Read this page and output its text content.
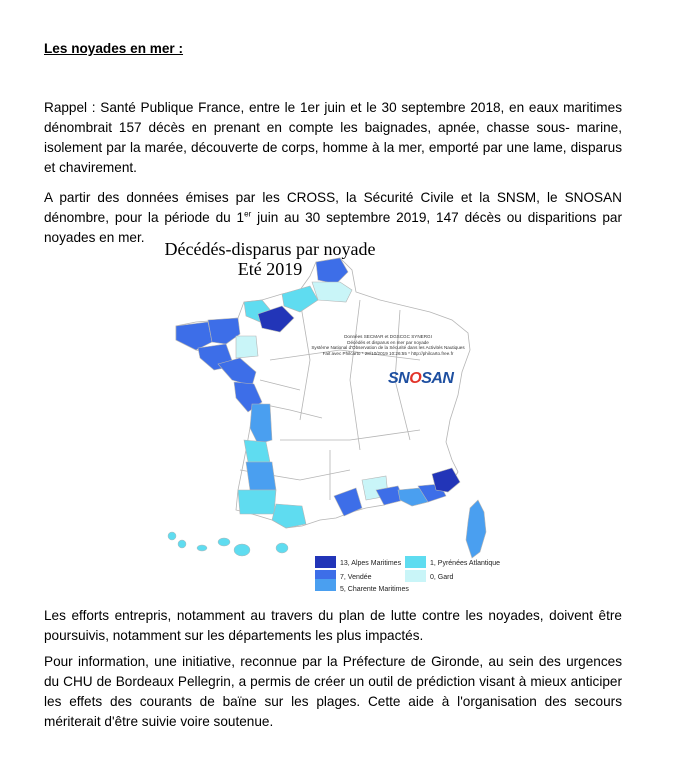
Les noyades en mer :
Rappel : Santé Publique France, entre le 1er juin et le 30 septembre 2018, en eaux maritimes dénombrait 157 décès en prenant en compte les baignades, apnée, chasse sous- marine, isolement par la marée, découverte de corps, homme à la mer, emporté par une lame, disparus et chavirement.
A partir des données émises par les CROSS, la Sécurité Civile et la SNSM, le SNOSAN dénombre, pour la période du 1er juin au 30 septembre 2019, 147 décès ou disparitions par noyades en mer.
Décédés-disparus par noyade
Eté 2019
Données SECMAR et DGSCGC SYNERGI
Décédés et disparus en mer par noyade
Système National d'Observation de la Sécurité dans les Activités Nautiques
Fait avec Philcarto * 28/10/2019 10:26:55 * http://philcarto.free.fr
SNOSAN
13, Alpes Maritimes
7, Vendée
5, Charente Maritimes
1, Pyrénées Atlantique
0, Gard
Les efforts entrepris, notamment au travers du plan de lutte contre les noyades, doivent être poursuivis, notamment sur les départements les plus impactés.
Pour information, une initiative, reconnue par la Préfecture de Gironde, au sein des urgences du CHU de Bordeaux Pellegrin, a permis de créer un outil de prédiction visant à mieux anticiper les effets des courants de baïne sur les plages. Cette aide à l'organisation des secours mériterait d'être suivie voire soutenue.
